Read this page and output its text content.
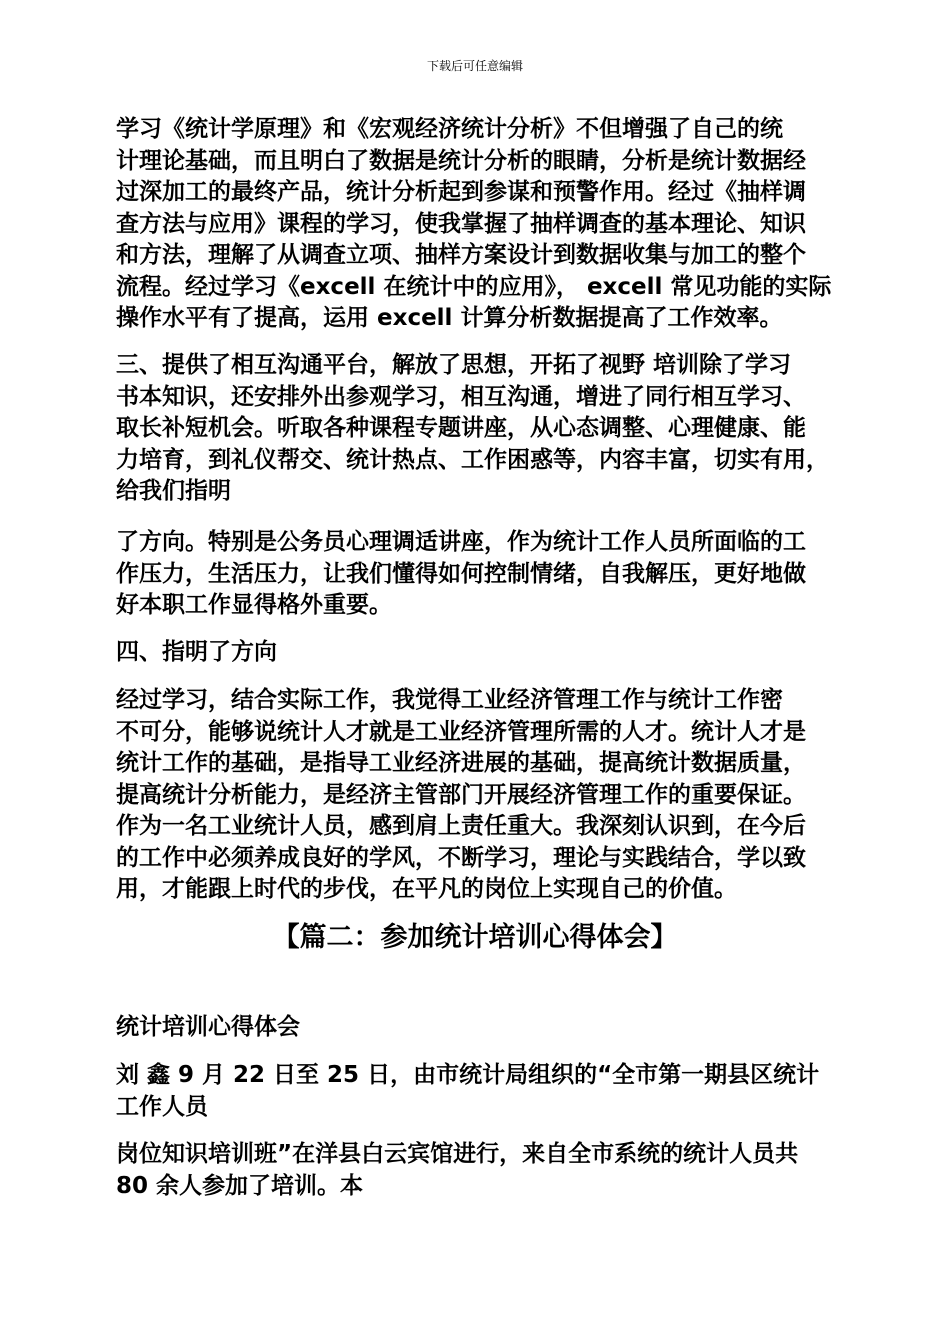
下载后可任意编辑
学习《统计学原理》和《宏观经济统计分析》不但增强了自己的统
计理论基础，而且明白了数据是统计分析的眼睛，分析是统计数据经
过深加工的最终产品，统计分析起到参谋和预警作用。经过《抽样调
查方法与应用》课程的学习，使我掌握了抽样调查的基本理论、知识
和方法，理解了从调查立项、抽样方案设计到数据收集与加工的整个
流程。经过学习《excell 在统计中的应用》， excell 常见功能的实际
操作水平有了提高，运用 excell 计算分析数据提高了工作效率。
三、提供了相互沟通平台，解放了思想，开拓了视野 培训除了学习
书本知识，还安排外出参观学习，相互沟通，增进了同行相互学习、
取长补短机会。听取各种课程专题讲座，从心态调整、心理健康、能
力培育，到礼仪帮交、统计热点、工作困惑等，内容丰富，切实有用，
给我们指明
了方向。特别是公务员心理调适讲座，作为统计工作人员所面临的工
作压力，生活压力，让我们懂得如何控制情绪，自我解压，更好地做
好本职工作显得格外重要。
四、指明了方向
经过学习，结合实际工作，我觉得工业经济管理工作与统计工作密
不可分，能够说统计人才就是工业经济管理所需的人才。统计人才是
统计工作的基础，是指导工业经济进展的基础，提高统计数据质量，
提高统计分析能力，是经济主管部门开展经济管理工作的重要保证。
作为一名工业统计人员，感到肩上责任重大。我深刻认识到，在今后
的工作中必须养成良好的学风，不断学习，理论与实践结合，学以致
用，才能跟上时代的步伐，在平凡的岗位上实现自己的价值。
【篇二：参加统计培训心得体会】
统计培训心得体会
刘 鑫 9 月 22 日至 25 日，由市统计局组织的“全市第一期县区统计
工作人员
岗位知识培训班”在洋县白云宾馆进行，来自全市系统的统计人员共
80 余人参加了培训。本
